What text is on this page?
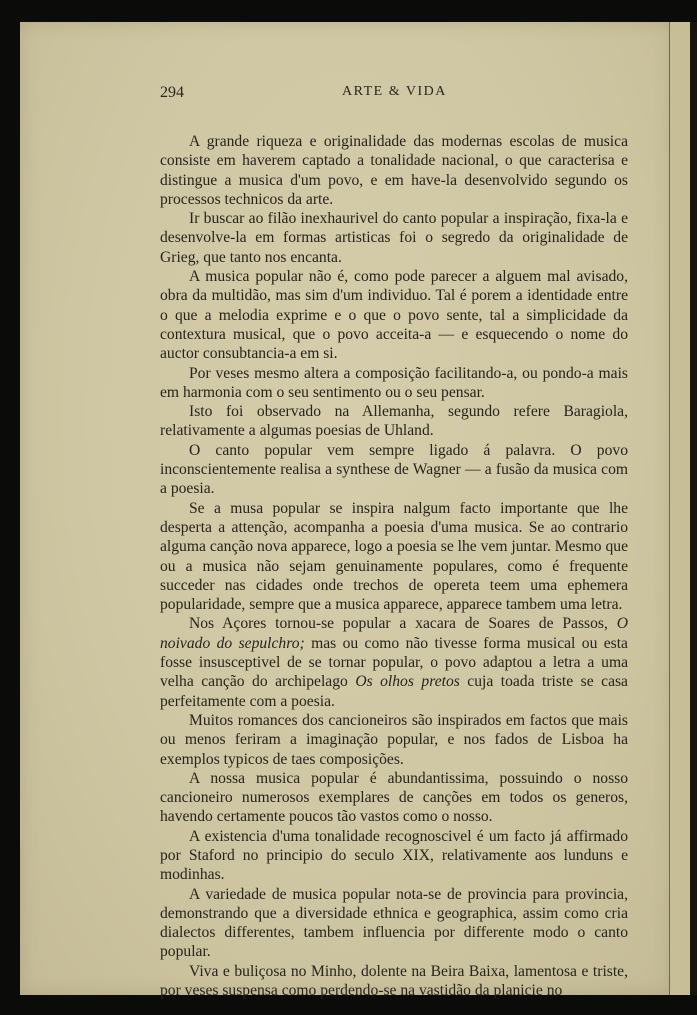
294	ARTE & VIDA

A grande riqueza e originalidade das modernas escolas de musica consiste em haverem captado a tonalidade nacional, o que caracterisa e distingue a musica d'um povo, e em have-la desenvolvido segundo os processos technicos da arte.

Ir buscar ao filão inexhaurivel do canto popular a inspiração, fixa-la e desenvolve-la em formas artisticas foi o segredo da originalidade de Grieg, que tanto nos encanta.

A musica popular não é, como pode parecer a alguem mal avisado, obra da multidão, mas sim d'um individuo. Tal é porem a identidade entre o que a melodia exprime e o que o povo sente, tal a simplicidade da contextura musical, que o povo acceita-a — e esquecendo o nome do auctor consubtancia-a em si.

Por veses mesmo altera a composição facilitando-a, ou pondo-a mais em harmonia com o seu sentimento ou o seu pensar.

Isto foi observado na Allemanha, segundo refere Baragiola, relativamente a algumas poesias de Uhland.

O canto popular vem sempre ligado á palavra. O povo inconscientemente realisa a synthese de Wagner — a fusão da musica com a poesia.

Se a musa popular se inspira nalgum facto importante que lhe desperta a attenção, acompanha a poesia d'uma musica. Se ao contrario alguma canção nova apparece, logo a poesia se lhe vem juntar. Mesmo que ou a musica não sejam genuinamente populares, como é frequente succeder nas cidades onde trechos de opereta teem uma ephemera popularidade, sempre que a musica apparece, apparece tambem uma letra.

Nos Açores tornou-se popular a xacara de Soares de Passos, O noivado do sepulchro; mas ou como não tivesse forma musical ou esta fosse insusceptivel de se tornar popular, o povo adaptou a letra a uma velha canção do archipelago Os olhos pretos cuja toada triste se casa perfeitamente com a poesia.

Muitos romances dos cancioneiros são inspirados em factos que mais ou menos feriram a imaginação popular, e nos fados de Lisboa ha exemplos typicos de taes composições.

A nossa musica popular é abundantissima, possuindo o nosso cancioneiro numerosos exemplares de canções em todos os generos, havendo certamente poucos tão vastos como o nosso.

A existencia d'uma tonalidade recognoscivel é um facto já affirmado por Staford no principio do seculo XIX, relativamente aos lunduns e modinhas.

A variedade de musica popular nota-se de provincia para provincia, demonstrando que a diversidade ethnica e geographica, assim como cria dialectos differentes, tambem influencia por differente modo o canto popular.

Viva e buliçosa no Minho, dolente na Beira Baixa, lamentosa e triste, por veses suspensa como perdendo-se na vastidão da planicie no
